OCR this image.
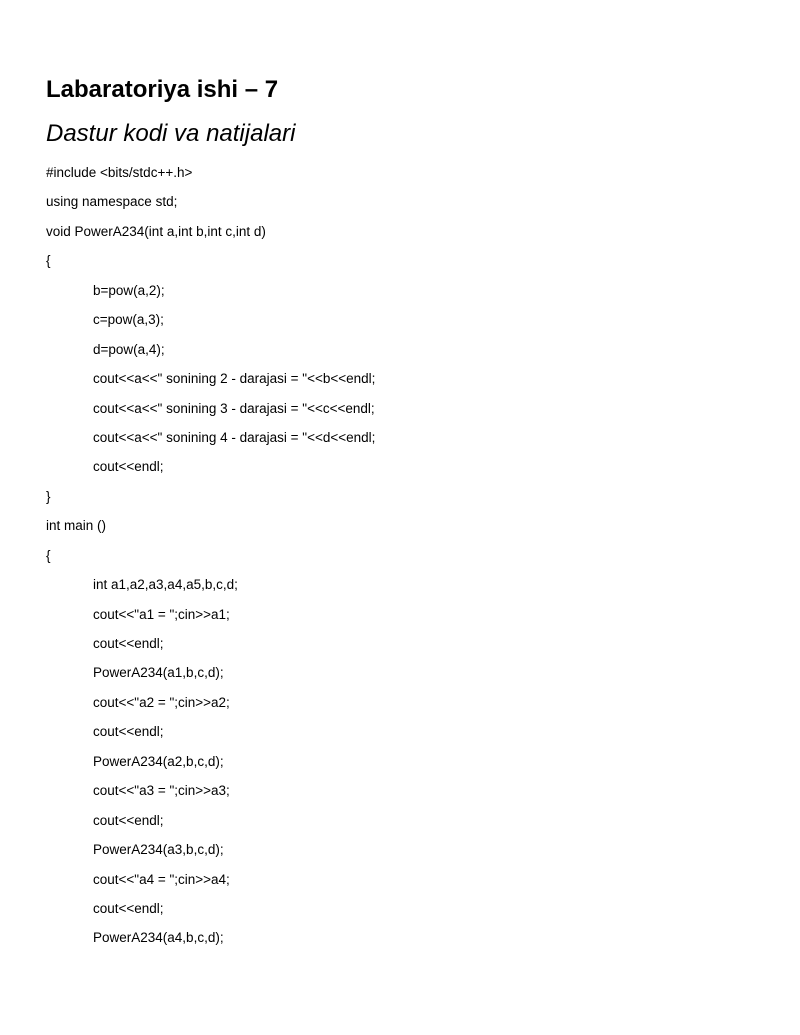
Labaratoriya ishi – 7
Dastur kodi va natijalari
#include <bits/stdc++.h>
using namespace std;
void PowerA234(int a,int b,int c,int d)
{
b=pow(a,2);
c=pow(a,3);
d=pow(a,4);
cout<<a<<" sonining 2 - darajasi = "<<b<<endl;
cout<<a<<" sonining 3 - darajasi = "<<c<<endl;
cout<<a<<" sonining 4 - darajasi = "<<d<<endl;
cout<<endl;
}
int main ()
{
int a1,a2,a3,a4,a5,b,c,d;
cout<<"a1 = ";cin>>a1;
cout<<endl;
PowerA234(a1,b,c,d);
cout<<"a2 = ";cin>>a2;
cout<<endl;
PowerA234(a2,b,c,d);
cout<<"a3 = ";cin>>a3;
cout<<endl;
PowerA234(a3,b,c,d);
cout<<"a4 = ";cin>>a4;
cout<<endl;
PowerA234(a4,b,c,d);
